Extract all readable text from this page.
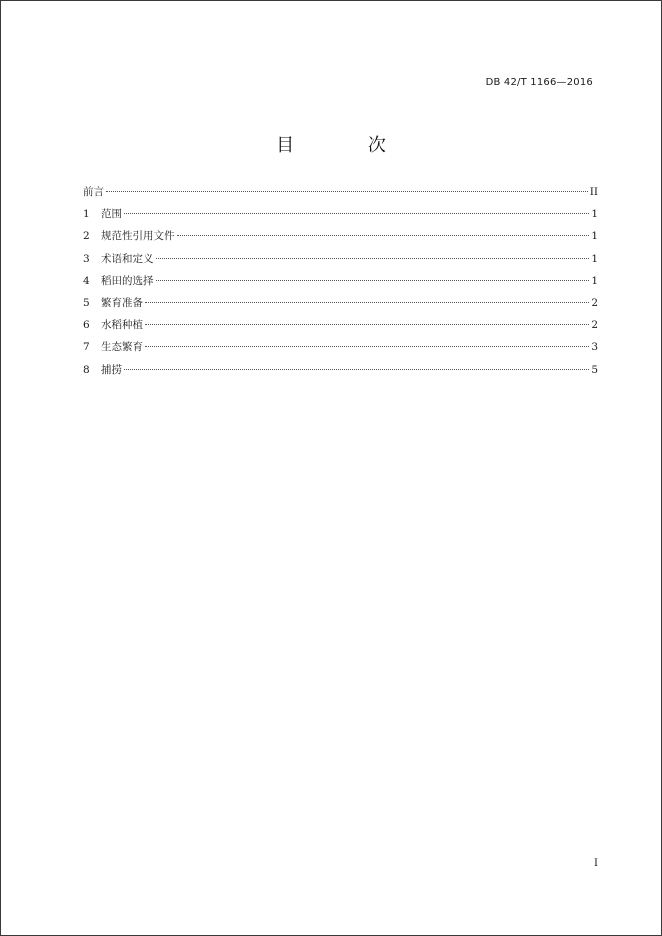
DB 42/T 1166—2016
目 次
前言	II
1	范围	1
2	规范性引用文件	1
3	术语和定义	1
4	稻田的选择	1
5	繁育准备	2
6	水稻种植	2
7	生态繁育	3
8	捕捞	5
I
